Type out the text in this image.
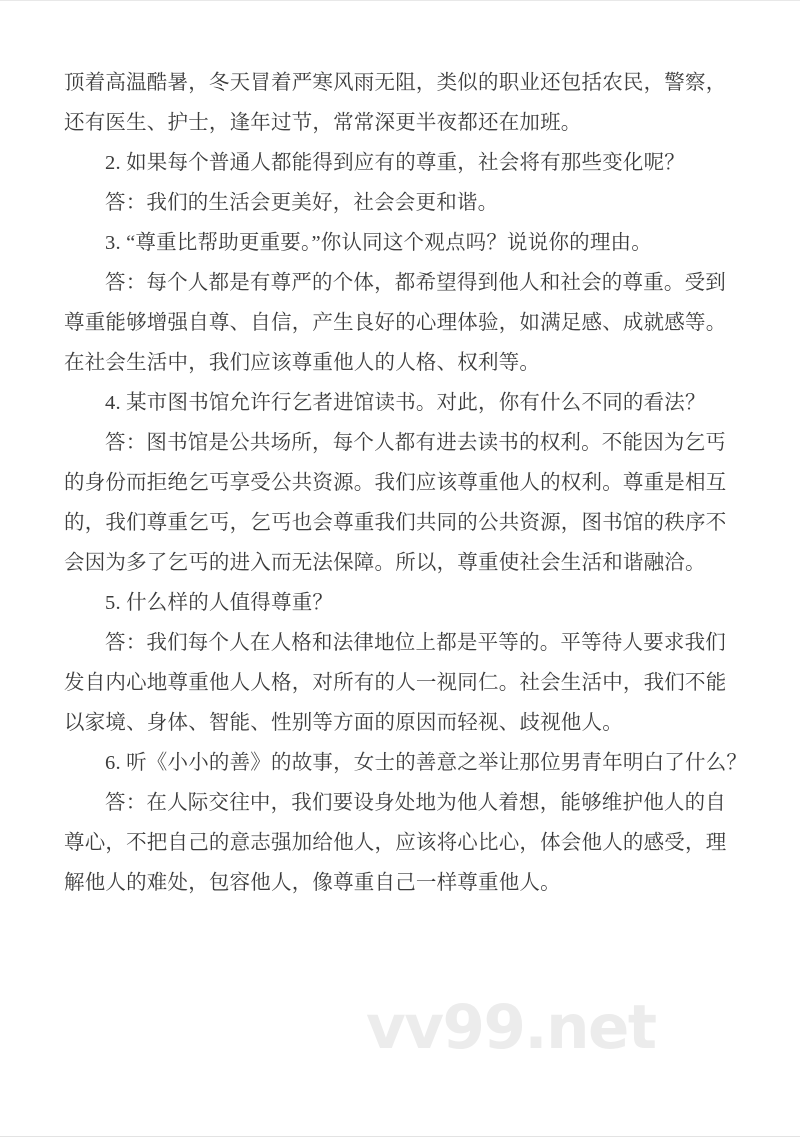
顶着高温酷暑，冬天冒着严寒风雨无阻，类似的职业还包括农民，警察，
还有医生、护士，逢年过节，常常深更半夜都还在加班。
2. 如果每个普通人都能得到应有的尊重，社会将有那些变化呢？
答：我们的生活会更美好，社会会更和谐。
3. “尊重比帮助更重要。”你认同这个观点吗？说说你的理由。
答：每个人都是有尊严的个体，都希望得到他人和社会的尊重。受到
尊重能够增强自尊、自信，产生良好的心理体验，如满足感、成就感等。
在社会生活中，我们应该尊重他人的人格、权利等。
4. 某市图书馆允许行乞者进馆读书。对此，你有什么不同的看法？
答：图书馆是公共场所，每个人都有进去读书的权利。不能因为乞丐
的身份而拒绝乞丐享受公共资源。我们应该尊重他人的权利。尊重是相互
的，我们尊重乞丐，乞丐也会尊重我们共同的公共资源，图书馆的秩序不
会因为多了乞丐的进入而无法保障。所以，尊重使社会生活和谐融洽。
5. 什么样的人值得尊重？
答：我们每个人在人格和法律地位上都是平等的。平等待人要求我们
发自内心地尊重他人人格，对所有的人一视同仁。社会生活中，我们不能
以家境、身体、智能、性别等方面的原因而轻视、歧视他人。
6. 听《小小的善》的故事，女士的善意之举让那位男青年明白了什么？
答：在人际交往中，我们要设身处地为他人着想，能够维护他人的自
尊心，不把自己的意志强加给他人，应该将心比心，体会他人的感受，理
解他人的难处，包容他人，像尊重自己一样尊重他人。
vv99.net
